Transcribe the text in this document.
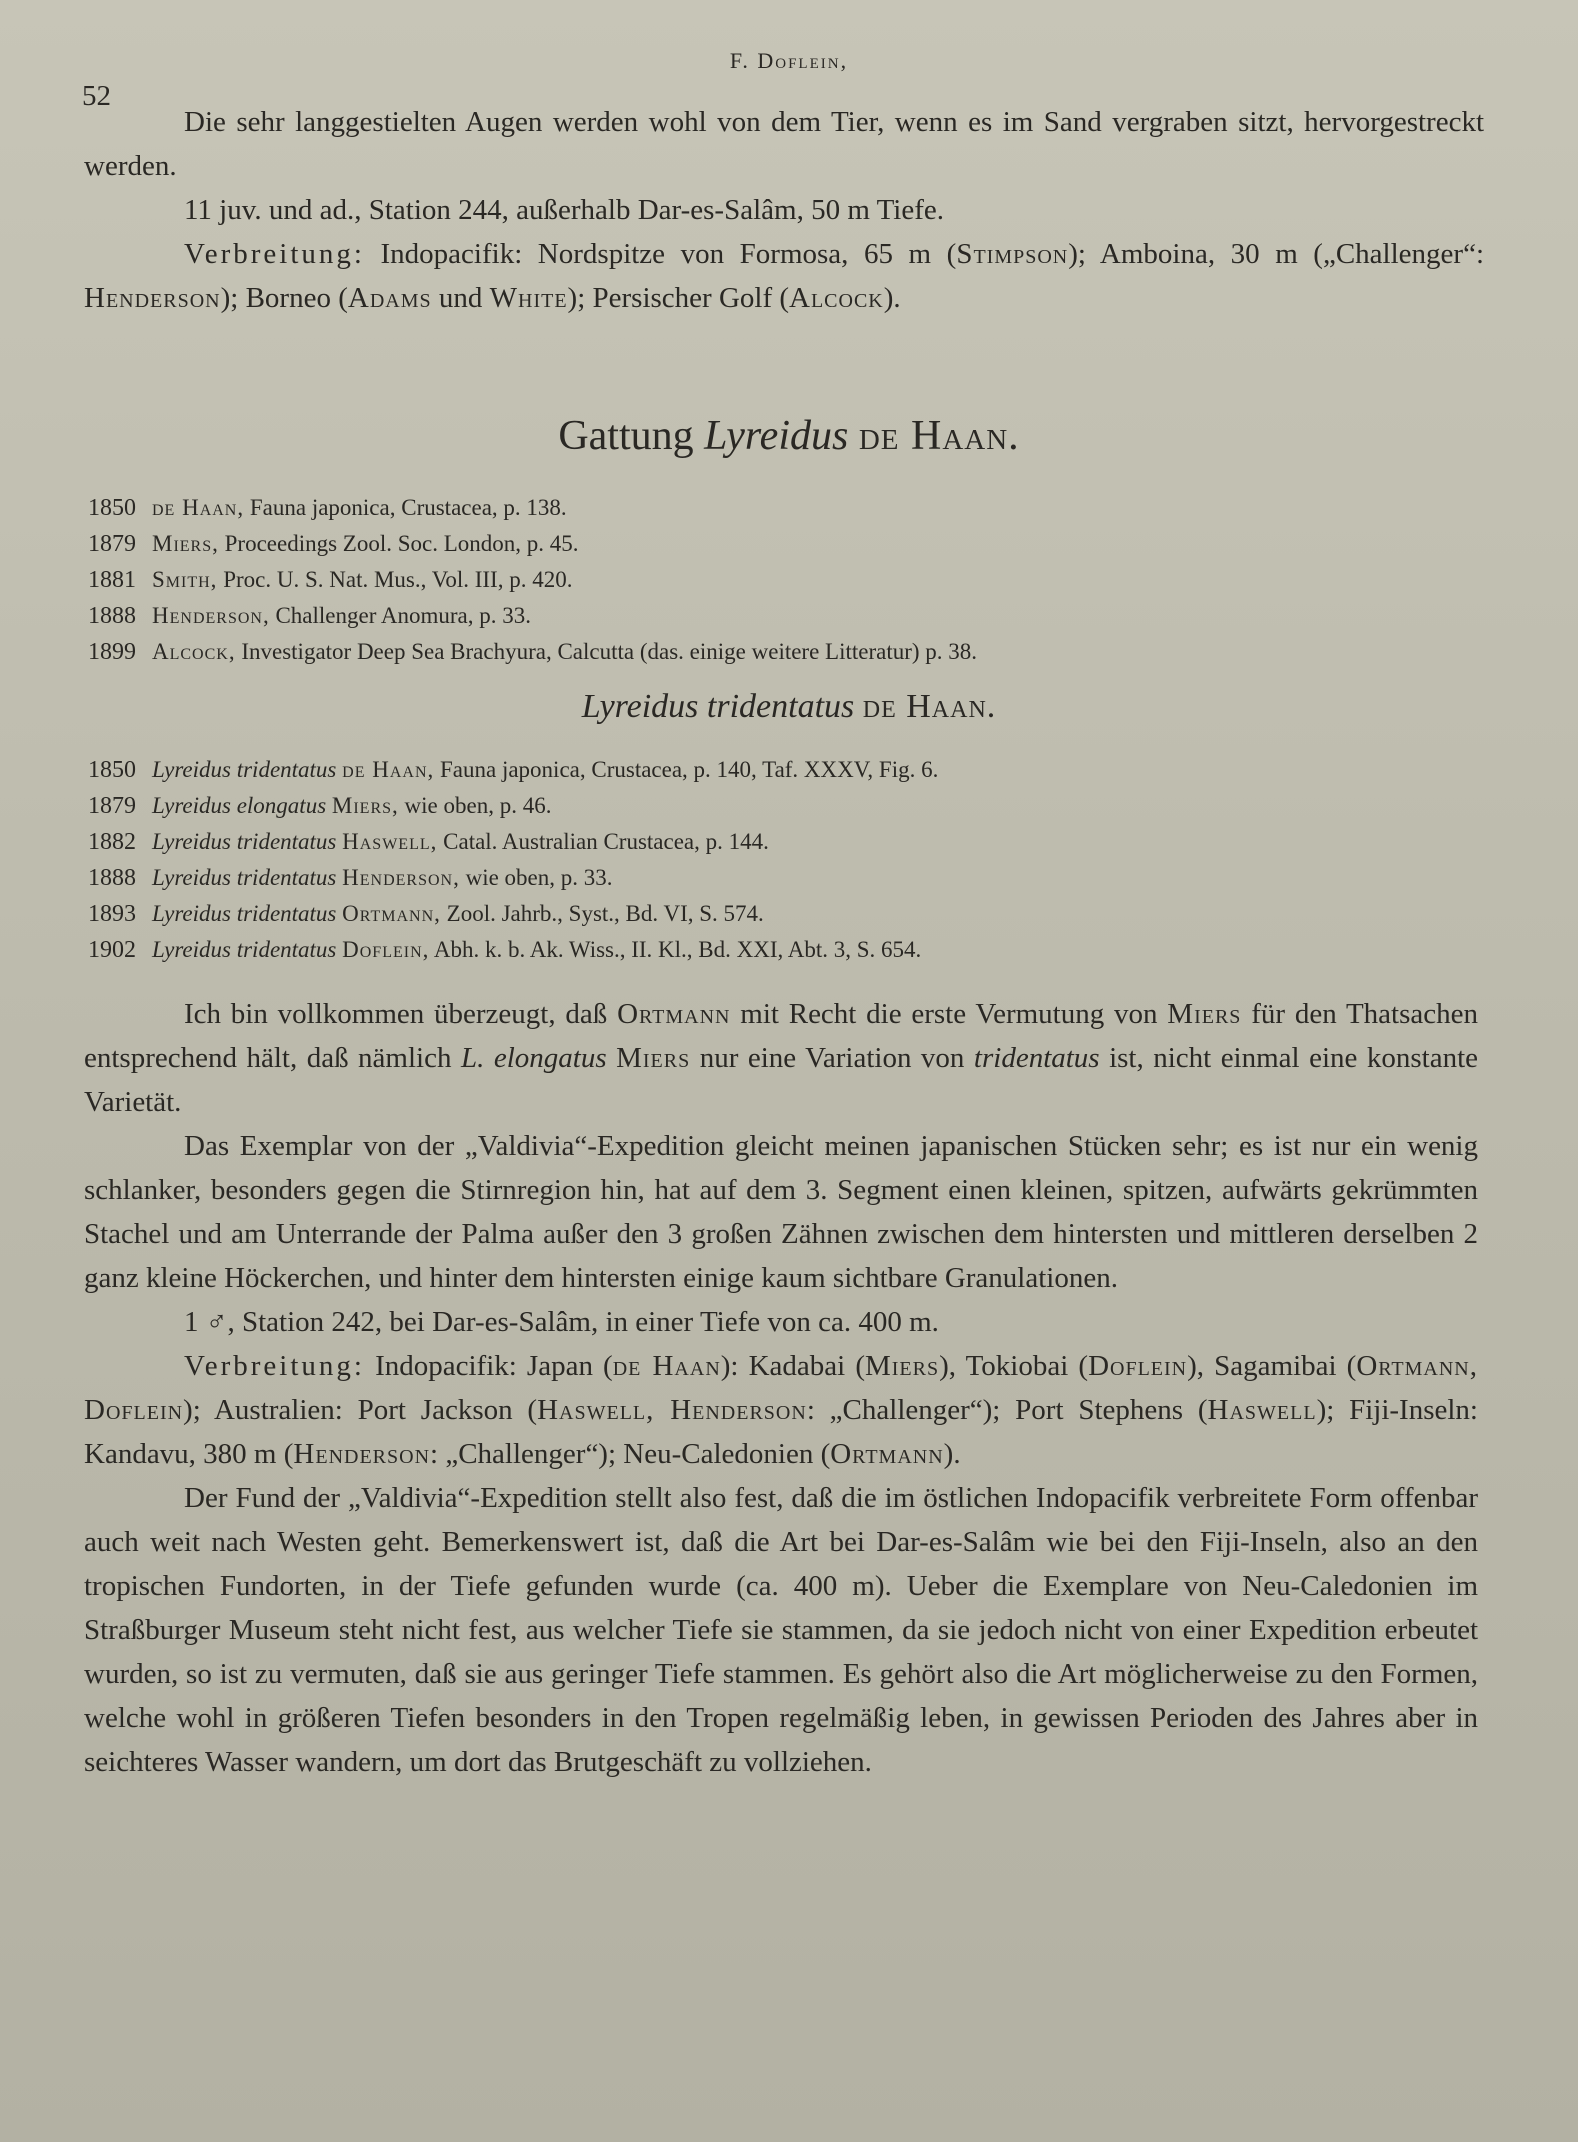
F. Doflein,
52

Die sehr langgestielten Augen werden wohl von dem Tier, wenn es im Sand vergraben sitzt, hervorgestreckt werden.

11 juv. und ad., Station 244, außerhalb Dar-es-Salâm, 50 m Tiefe.

Verbreitung: Indopacifik: Nordspitze von Formosa, 65 m (Stimpson); Amboina, 30 m („Challenger“: Henderson); Borneo (Adams und White); Persischer Golf (Alcock).

Gattung Lyreidus de Haan.
1850 de Haan, Fauna japonica, Crustacea, p. 138.
1879 Miers, Proceedings Zool. Soc. London, p. 45.
1881 Smith, Proc. U. S. Nat. Mus., Vol. III, p. 420.
1888 Henderson, Challenger Anomura, p. 33.
1899 Alcock, Investigator Deep Sea Brachyura, Calcutta (das. einige weitere Litteratur) p. 38.
Lyreidus tridentatus de Haan.
1850 Lyreidus tridentatus de Haan, Fauna japonica, Crustacea, p. 140, Taf. XXXV, Fig. 6.
1879 Lyreidus elongatus Miers, wie oben, p. 46.
1882 Lyreidus tridentatus Haswell, Catal. Australian Crustacea, p. 144.
1888 Lyreidus tridentatus Henderson, wie oben, p. 33.
1893 Lyreidus tridentatus Ortmann, Zool. Jahrb., Syst., Bd. VI, S. 574.
1902 Lyreidus tridentatus Doflein, Abh. k. b. Ak. Wiss., II. Kl., Bd. XXI, Abt. 3, S. 654.

Ich bin vollkommen überzeugt, daß Ortmann mit Recht die erste Vermutung von Miers für den Thatsachen entsprechend hält, daß nämlich L. elongatus Miers nur eine Variation von tridentatus ist, nicht einmal eine konstante Varietät.

Das Exemplar von der „Valdivia“-Expedition gleicht meinen japanischen Stücken sehr; es ist nur ein wenig schlanker, besonders gegen die Stirnregion hin, hat auf dem 3. Segment einen kleinen, spitzen, aufwärts gekrümmten Stachel und am Unterrande der Palma außer den 3 großen Zähnen zwischen dem hintersten und mittleren derselben 2 ganz kleine Höckerchen, und hinter dem hintersten einige kaum sichtbare Granulationen.

1 ♂, Station 242, bei Dar-es-Salâm, in einer Tiefe von ca. 400 m.

Verbreitung: Indopacifik: Japan (de Haan): Kadabai (Miers), Tokiobai (Doflein), Sagamibai (Ortmann, Doflein); Australien: Port Jackson (Haswell, Henderson: „Challenger“); Port Stephens (Haswell); Fiji-Inseln: Kandavu, 380 m (Henderson: „Challenger“); Neu-Caledonien (Ortmann).

Der Fund der „Valdivia“-Expedition stellt also fest, daß die im östlichen Indopacifik verbreitete Form offenbar auch weit nach Westen geht. Bemerkenswert ist, daß die Art bei Dar-es-Salâm wie bei den Fiji-Inseln, also an den tropischen Fundorten, in der Tiefe gefunden wurde (ca. 400 m). Ueber die Exemplare von Neu-Caledonien im Straßburger Museum steht nicht fest, aus welcher Tiefe sie stammen, da sie jedoch nicht von einer Expedition erbeutet wurden, so ist zu vermuten, daß sie aus geringer Tiefe stammen. Es gehört also die Art möglicherweise zu den Formen, welche wohl in größeren Tiefen besonders in den Tropen regelmäßig leben, in gewissen Perioden des Jahres aber in seichteres Wasser wandern, um dort das Brutgeschäft zu vollziehen.
